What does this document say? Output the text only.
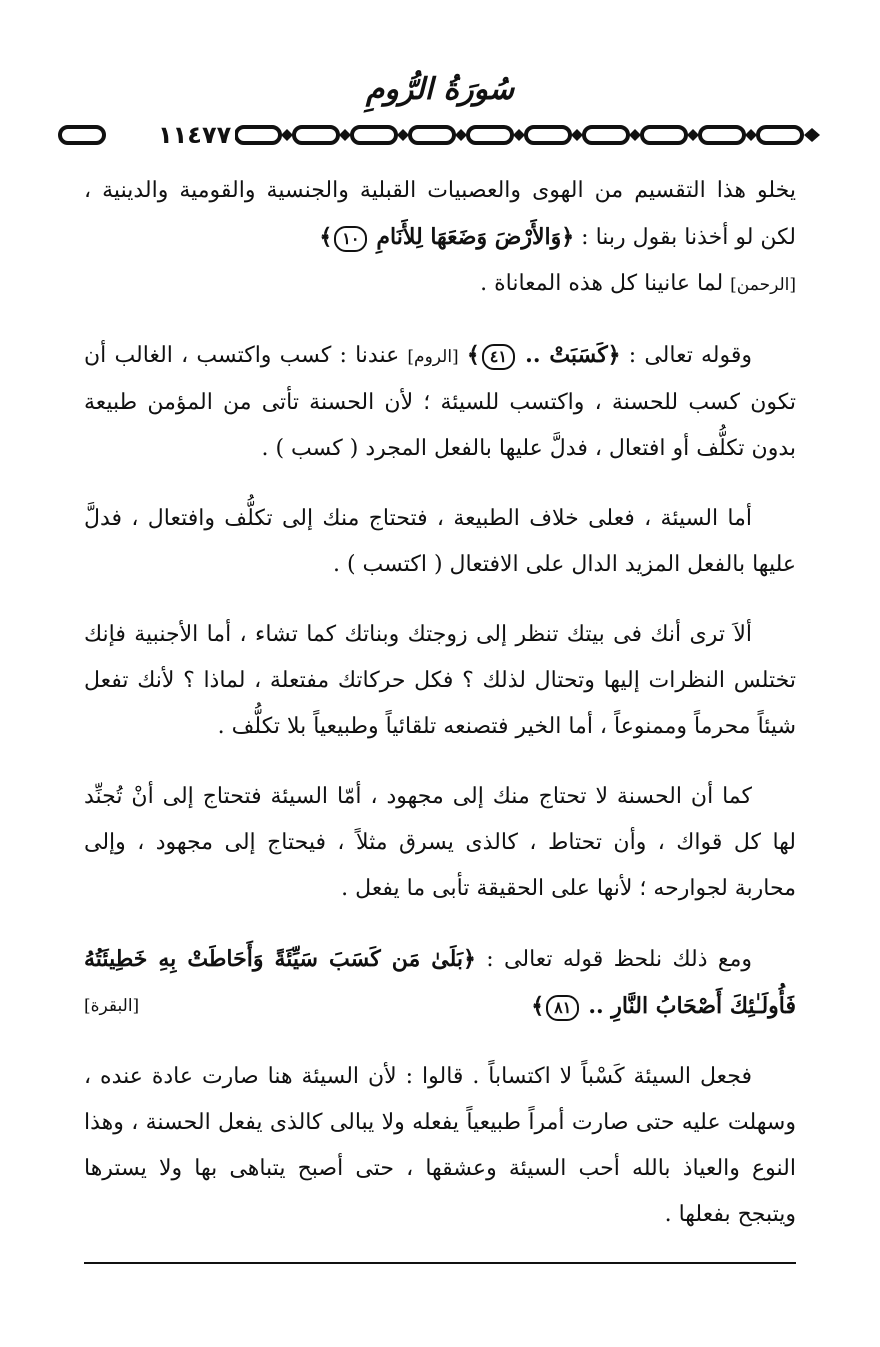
سُورَةُ الرُّومِ
١١٤٧٧

يخلو هذا التقسيم من الهوى والعصبيات القبلية والجنسية والقومية والدينية ، لكن لو أخذنا بقول ربنا : ﴿وَالأَرْضَ وَضَعَهَا لِلأَنَامِ ١٠﴾
[الرحمن] لما عانينا كل هذه المعاناة .

وقوله تعالى : ﴿كَسَبَتْ .. ٤١﴾ [الروم] عندنا : كسب واكتسب ، الغالب أن تكون كسب للحسنة ، واكتسب للسيئة ؛ لأن الحسنة تأتى من المؤمن طبيعة بدون تكلُّف أو افتعال ، فدلَّ عليها بالفعل المجرد ( كسب ) .

أما السيئة ، فعلى خلاف الطبيعة ، فتحتاج منك إلى تكلُّف وافتعال ، فدلَّ عليها بالفعل المزيد الدال على الافتعال ( اكتسب ) .

ألاَ ترى أنك فى بيتك تنظر إلى زوجتك وبناتك كما تشاء ، أما الأجنبية فإنك تختلس النظرات إليها وتحتال لذلك ؟ فكل حركاتك مفتعلة ، لماذا ؟ لأنك تفعل شيئاً محرماً وممنوعاً ، أما الخير فتصنعه تلقائياً وطبيعياً بلا تكلُّف .

كما أن الحسنة لا تحتاج منك إلى مجهود ، أمّا السيئة فتحتاج إلى أنْ تُجنِّد لها كل قواك ، وأن تحتاط ، كالذى يسرق مثلاً ، فيحتاج إلى مجهود ، وإلى محاربة لجوارحه ؛ لأنها على الحقيقة تأبى ما يفعل .

ومع ذلك نلحظ قوله تعالى : ﴿بَلَىٰ مَن كَسَبَ سَيِّئَةً وَأَحَاطَتْ بِهِ خَطِيئَتُهُ فَأُولَـٰئِكَ أَصْحَابُ النَّارِ .. ٨١﴾
[البقرة]

فجعل السيئة كَسْباً لا اكتساباً . قالوا : لأن السيئة هنا صارت عادة عنده ، وسهلت عليه حتى صارت أمراً طبيعياً يفعله ولا يبالى كالذى يفعل الحسنة ، وهذا النوع والعياذ بالله أحب السيئة وعشقها ، حتى أصبح يتباهى بها ولا يسترها ويتبجح بفعلها .
